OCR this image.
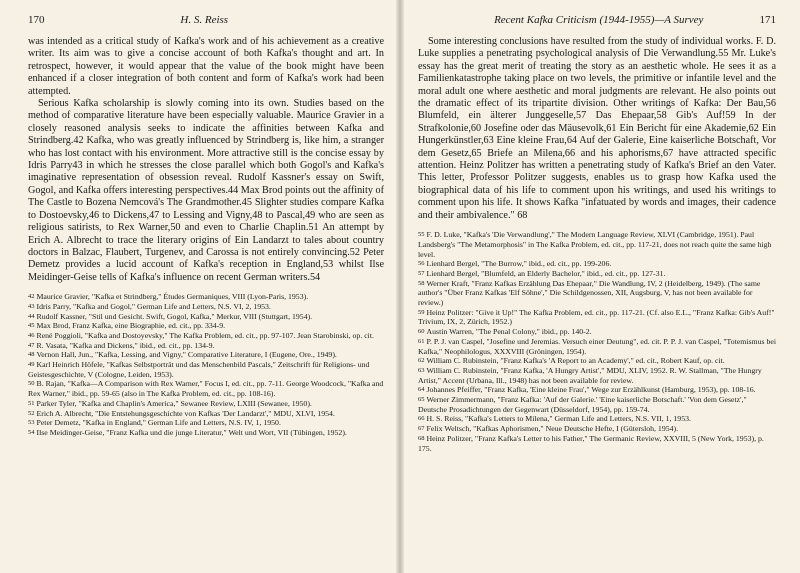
170	H. S. Reiss

was intended as a critical study of Kafka's work and of his achievement as a creative writer. Its aim was to give a concise account of both Kafka's thought and art. In retrospect, however, it would appear that the value of the book might have been enhanced if a closer integration of both content and form of Kafka's work had been attempted.

Serious Kafka scholarship is slowly coming into its own. Studies based on the method of comparative literature have been especially valuable. Maurice Gravier in a closely reasoned analysis seeks to indicate the affinities between Kafka and Strindberg.42 Kafka, who was greatly influenced by Strindberg is, like him, a stranger who has lost contact with his environment. More attractive still is the concise essay by Idris Parry43 in which he stresses the close parallel which both Gogol's and Kafka's imaginative representation of obsession reveal. Rudolf Kassner's essay on Swift, Gogol, and Kafka offers interesting perspectives.44 Max Brod points out the affinity of The Castle to Bozena Nemcová's The Grandmother.45 Slighter studies compare Kafka to Dostoevsky,46 to Dickens,47 to Lessing and Vigny,48 to Pascal,49 who are seen as religious satirists, to Rex Warner,50 and even to Charlie Chaplin.51 An attempt by Erich A. Albrecht to trace the literary origins of Ein Landarzt to tales about country doctors in Balzac, Flaubert, Turgenev, and Carossa is not entirely convincing.52 Peter Demetz provides a lucid account of Kafka's reception in England,53 whilst Ilse Meidinger-Geise tells of Kafka's influence on recent German writers.54

42 Maurice Gravier, "Kafka et Strindberg," Études Germaniques, VIII (Lyon-Paris, 1953).

43 Idris Parry, "Kafka and Gogol," German Life and Letters, N.S. VI, 2, 1953.

44 Rudolf Kassner, "Stil und Gesicht. Swift, Gogol, Kafka," Merkur, VIII (Stuttgart, 1954).

45 Max Brod, Franz Kafka, eine Biographie, ed. cit., pp. 334-9.

46 René Poggioli, "Kafka and Dostoyevsky," The Kafka Problem, ed. cit., pp. 97-107. Jean Starobinski, op. cit.

47 R. Vasata, "Kafka and Dickens," ibid., ed. cit., pp. 134-9.

48 Vernon Hall, Jun., "Kafka, Lessing, and Vigny," Comparative Literature, I (Eugene, Ore., 1949).

49 Karl Heinrich Höfele, "Kafkas Selbstporträt und das Menschenbild Pascals," Zeitschrift für Religions- und Geistesgeschichte, V (Cologne, Leiden, 1953).

50 B. Rajan, "Kafka—A Comparison with Rex Warner," Focus I, ed. cit., pp. 7-11. George Woodcock, "Kafka and Rex Warner," ibid., pp. 59-65 (also in The Kafka Problem, ed. cit., pp. 108-16).

51 Parker Tyler, "Kafka and Chaplin's America," Sewanee Review, LXIII (Sewanee, 1950).

52 Erich A. Albrecht, "Die Entstehungsgeschichte von Kafkas 'Der Landarzt'," MDU, XLVI, 1954.

53 Peter Demetz, "Kafka in England," German Life and Letters, N.S. IV, 1, 1950.

54 Ilse Meidinger-Geise, "Franz Kafka und die junge Literatur," Welt und Wort, VII (Tübingen, 1952).

Recent Kafka Criticism (1944-1955)—A Survey	171

Some interesting conclusions have resulted from the study of individual works. F. D. Luke supplies a penetrating psychological analysis of Die Verwandlung.55 Mr. Luke's essay has the great merit of treating the story as an aesthetic whole. He sees it as a Familienkatastrophe taking place on two levels, the primitive or infantile level and the moral adult one where aesthetic and moral judgments are relevant. He also points out the dramatic effect of its tripartite division. Other writings of Kafka: Der Bau,56 Blumfeld, ein älterer Junggeselle,57 Das Ehepaar,58 Gib's Auf!59 In der Strafkolonie,60 Josefine oder das Mäusevolk,61 Ein Bericht für eine Akademie,62 Ein Hungerkünstler,63 Eine kleine Frau,64 Auf der Galerie, Eine kaiserliche Botschaft, Vor dem Gesetz,65 Briefe an Milena,66 and his aphorisms,67 have attracted specific attention. Heinz Politzer has written a penetrating study of Kafka's Brief an den Vater. This letter, Professor Politzer suggests, enables us to grasp how Kafka used the biographical data of his life to comment upon his writings, and used his writings to comment upon his life. It shows Kafka "infatuated by words and images, their cadence and their ambivalence." 68

55 F. D. Luke, "Kafka's 'Die Verwandlung'," The Modern Language Review, XLVI (Cambridge, 1951). Paul Landsberg's "The Metamorphosis" in The Kafka Problem, ed. cit., pp. 117-21, does not reach quite the same high level.

56 Lienhard Bergel, "The Burrow," ibid., ed. cit., pp. 199-206.

57 Lienhard Bergel, "Blumfeld, an Elderly Bachelor," ibid., ed. cit., pp. 127-31.

58 Werner Kraft, "Franz Kafkas Erzählung Das Ehepaar," Die Wandlung, IV, 2 (Heidelberg, 1949). (The same author's "Über Franz Kafkas 'Elf Söhne'," Die Schildgenossen, XII, Augsburg, V, has not been available for review.)

59 Heinz Politzer: "Give it Up!" The Kafka Problem, ed. cit., pp. 117-21. (Cf. also E.L., "Franz Kafka: Gib's Auf!" Trivium, IX, 2, Zürich, 1952.)

60 Austin Warren, "The Penal Colony," ibid., pp. 140-2.

61 P. P. J. van Caspel, "Josefine und Jeremias. Versuch einer Deutung", ed. cit. P. P. J. van Caspel, "Totemismus bei Kafka," Neophilologus, XXXVIII (Gröningen, 1954).

62 William C. Rubinstein, "Franz Kafka's 'A Report to an Academy'," ed. cit., Robert Kauf, op. cit.

63 William C. Rubinstein, "Franz Kafka, 'A Hungry Artist'," MDU, XLIV, 1952. R. W. Stallman, "The Hungry Artist," Accent (Urbana, Ill., 1948) has not been available for review.

64 Johannes Pfeiffer, "Franz Kafka, 'Eine kleine Frau'," Wege zur Erzählkunst (Hamburg, 1953), pp. 108-16.

65 Werner Zimmermann, "Franz Kafka: 'Auf der Galerie.' 'Eine kaiserliche Botschaft.' 'Von dem Gesetz'," Deutsche Prosadichtungen der Gegenwart (Düsseldorf, 1954), pp. 159-74.

66 H. S. Reiss, "Kafka's Letters to Milena," German Life and Letters, N.S. VII, 1, 1953.

67 Felix Weltsch, "Kafkas Aphorismen," Neue Deutsche Hefte, I (Gütersloh, 1954).

68 Heinz Politzer, "Franz Kafka's Letter to his Father," The Germanic Review, XXVIII, 5 (New York, 1953), p. 175.
